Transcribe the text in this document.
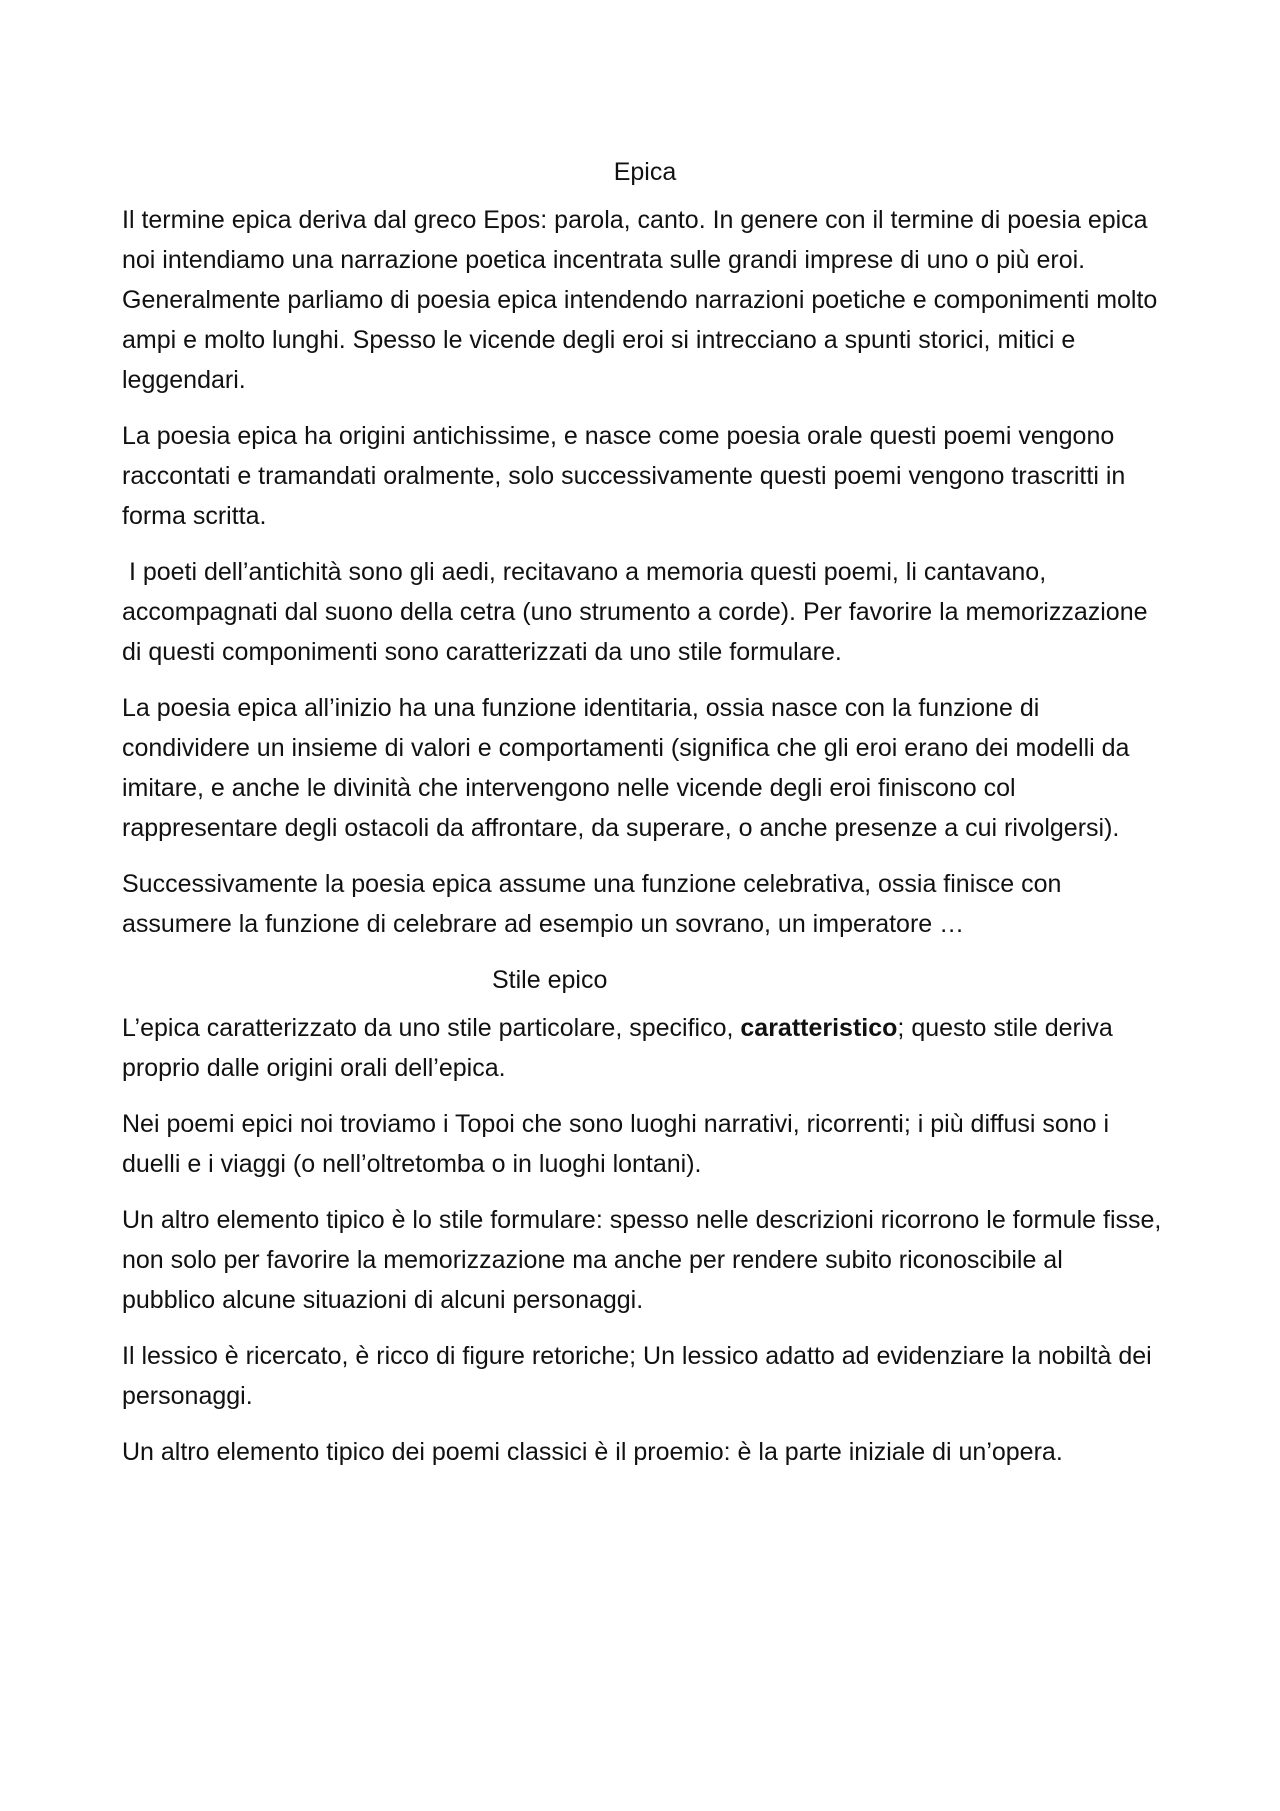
Epica

Il termine epica deriva dal greco Epos: parola, canto. In genere con il termine di poesia epica noi intendiamo una narrazione poetica incentrata sulle grandi imprese di uno o più eroi. Generalmente parliamo di poesia epica intendendo narrazioni poetiche e componimenti molto ampi e molto lunghi. Spesso le vicende degli eroi si intrecciano a spunti storici, mitici e leggendari.

La poesia epica ha origini antichissime, e nasce come poesia orale questi poemi vengono raccontati e tramandati oralmente, solo successivamente questi poemi vengono trascritti in forma scritta.

I poeti dell’antichità sono gli aedi, recitavano a memoria questi poemi, li cantavano, accompagnati dal suono della cetra (uno strumento a corde). Per favorire la memorizzazione di questi componimenti sono caratterizzati da uno stile formulare.

La poesia epica all’inizio ha una funzione identitaria, ossia nasce con la funzione di condividere un insieme di valori e comportamenti (significa che gli eroi erano dei modelli da imitare, e anche le divinità che intervengono nelle vicende degli eroi finiscono col rappresentare degli ostacoli da affrontare, da superare, o anche presenze a cui rivolgersi).

Successivamente la poesia epica assume una funzione celebrativa, ossia finisce con assumere la funzione di celebrare ad esempio un sovrano, un imperatore …

Stile epico

L’epica caratterizzato da uno stile particolare, specifico, caratteristico; questo stile deriva proprio dalle origini orali dell’epica.

Nei poemi epici noi troviamo i Topoi che sono luoghi narrativi, ricorrenti; i più diffusi sono i duelli e i viaggi (o nell’oltretomba o in luoghi lontani).

Un altro elemento tipico è lo stile formulare: spesso nelle descrizioni ricorrono le formule fisse, non solo per favorire la memorizzazione ma anche per rendere subito riconoscibile al pubblico alcune situazioni di alcuni personaggi.

Il lessico è ricercato, è ricco di figure retoriche; Un lessico adatto ad evidenziare la nobiltà dei personaggi.

Un altro elemento tipico dei poemi classici è il proemio: è la parte iniziale di un’opera.
